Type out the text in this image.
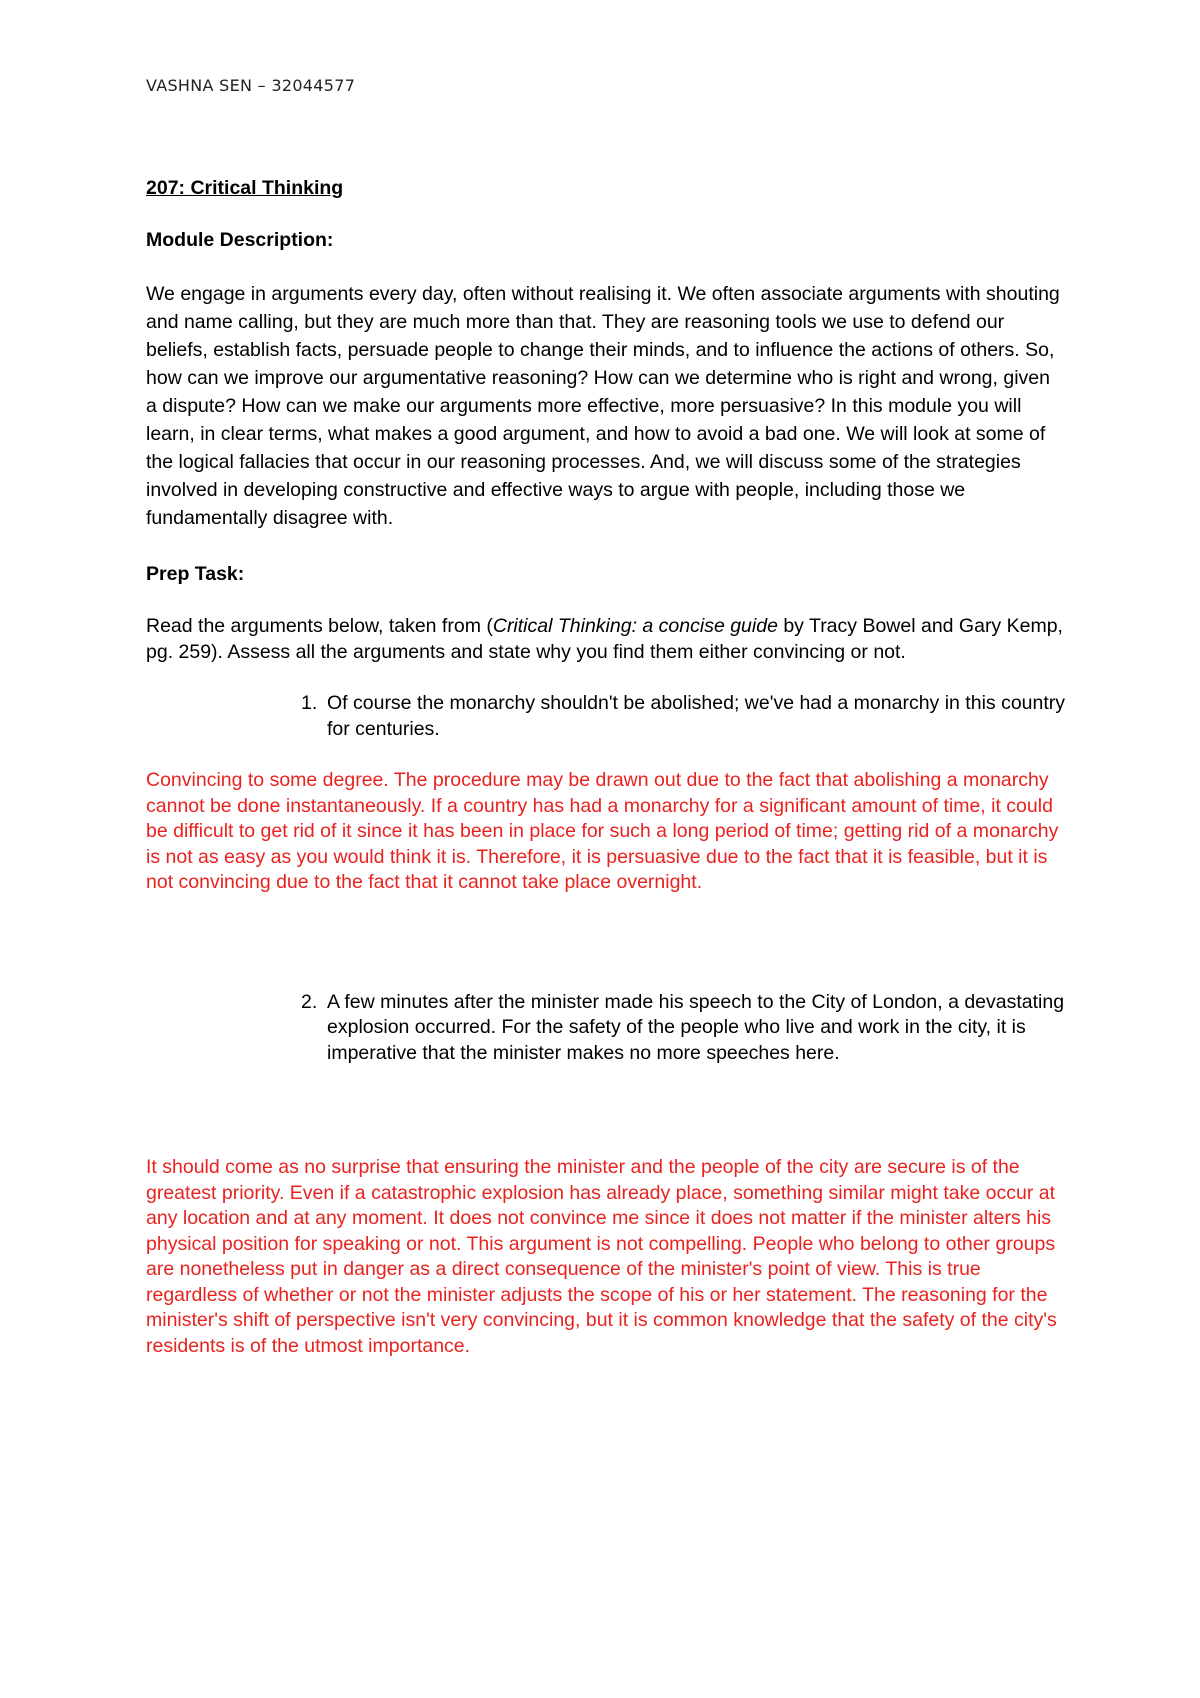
VASHNA SEN – 32044577

207: Critical Thinking

Module Description:

We engage in arguments every day, often without realising it. We often associate arguments with shouting and name calling, but they are much more than that. They are reasoning tools we use to defend our beliefs, establish facts, persuade people to change their minds, and to influence the actions of others. So, how can we improve our argumentative reasoning? How can we determine who is right and wrong, given a dispute? How can we make our arguments more effective, more persuasive? In this module you will learn, in clear terms, what makes a good argument, and how to avoid a bad one. We will look at some of the logical fallacies that occur in our reasoning processes. And, we will discuss some of the strategies involved in developing constructive and effective ways to argue with people, including those we fundamentally disagree with.

Prep Task:

Read the arguments below, taken from (Critical Thinking: a concise guide by Tracy Bowel and Gary Kemp, pg. 259). Assess all the arguments and state why you find them either convincing or not.

1. Of course the monarchy shouldn't be abolished; we've had a monarchy in this country for centuries.

Convincing to some degree. The procedure may be drawn out due to the fact that abolishing a monarchy cannot be done instantaneously. If a country has had a monarchy for a significant amount of time, it could be difficult to get rid of it since it has been in place for such a long period of time; getting rid of a monarchy is not as easy as you would think it is. Therefore, it is persuasive due to the fact that it is feasible, but it is not convincing due to the fact that it cannot take place overnight.

2. A few minutes after the minister made his speech to the City of London, a devastating explosion occurred. For the safety of the people who live and work in the city, it is imperative that the minister makes no more speeches here.

It should come as no surprise that ensuring the minister and the people of the city are secure is of the greatest priority. Even if a catastrophic explosion has already place, something similar might take occur at any location and at any moment. It does not convince me since it does not matter if the minister alters his physical position for speaking or not. This argument is not compelling. People who belong to other groups are nonetheless put in danger as a direct consequence of the minister's point of view. This is true regardless of whether or not the minister adjusts the scope of his or her statement. The reasoning for the minister's shift of perspective isn't very convincing, but it is common knowledge that the safety of the city's residents is of the utmost importance.
